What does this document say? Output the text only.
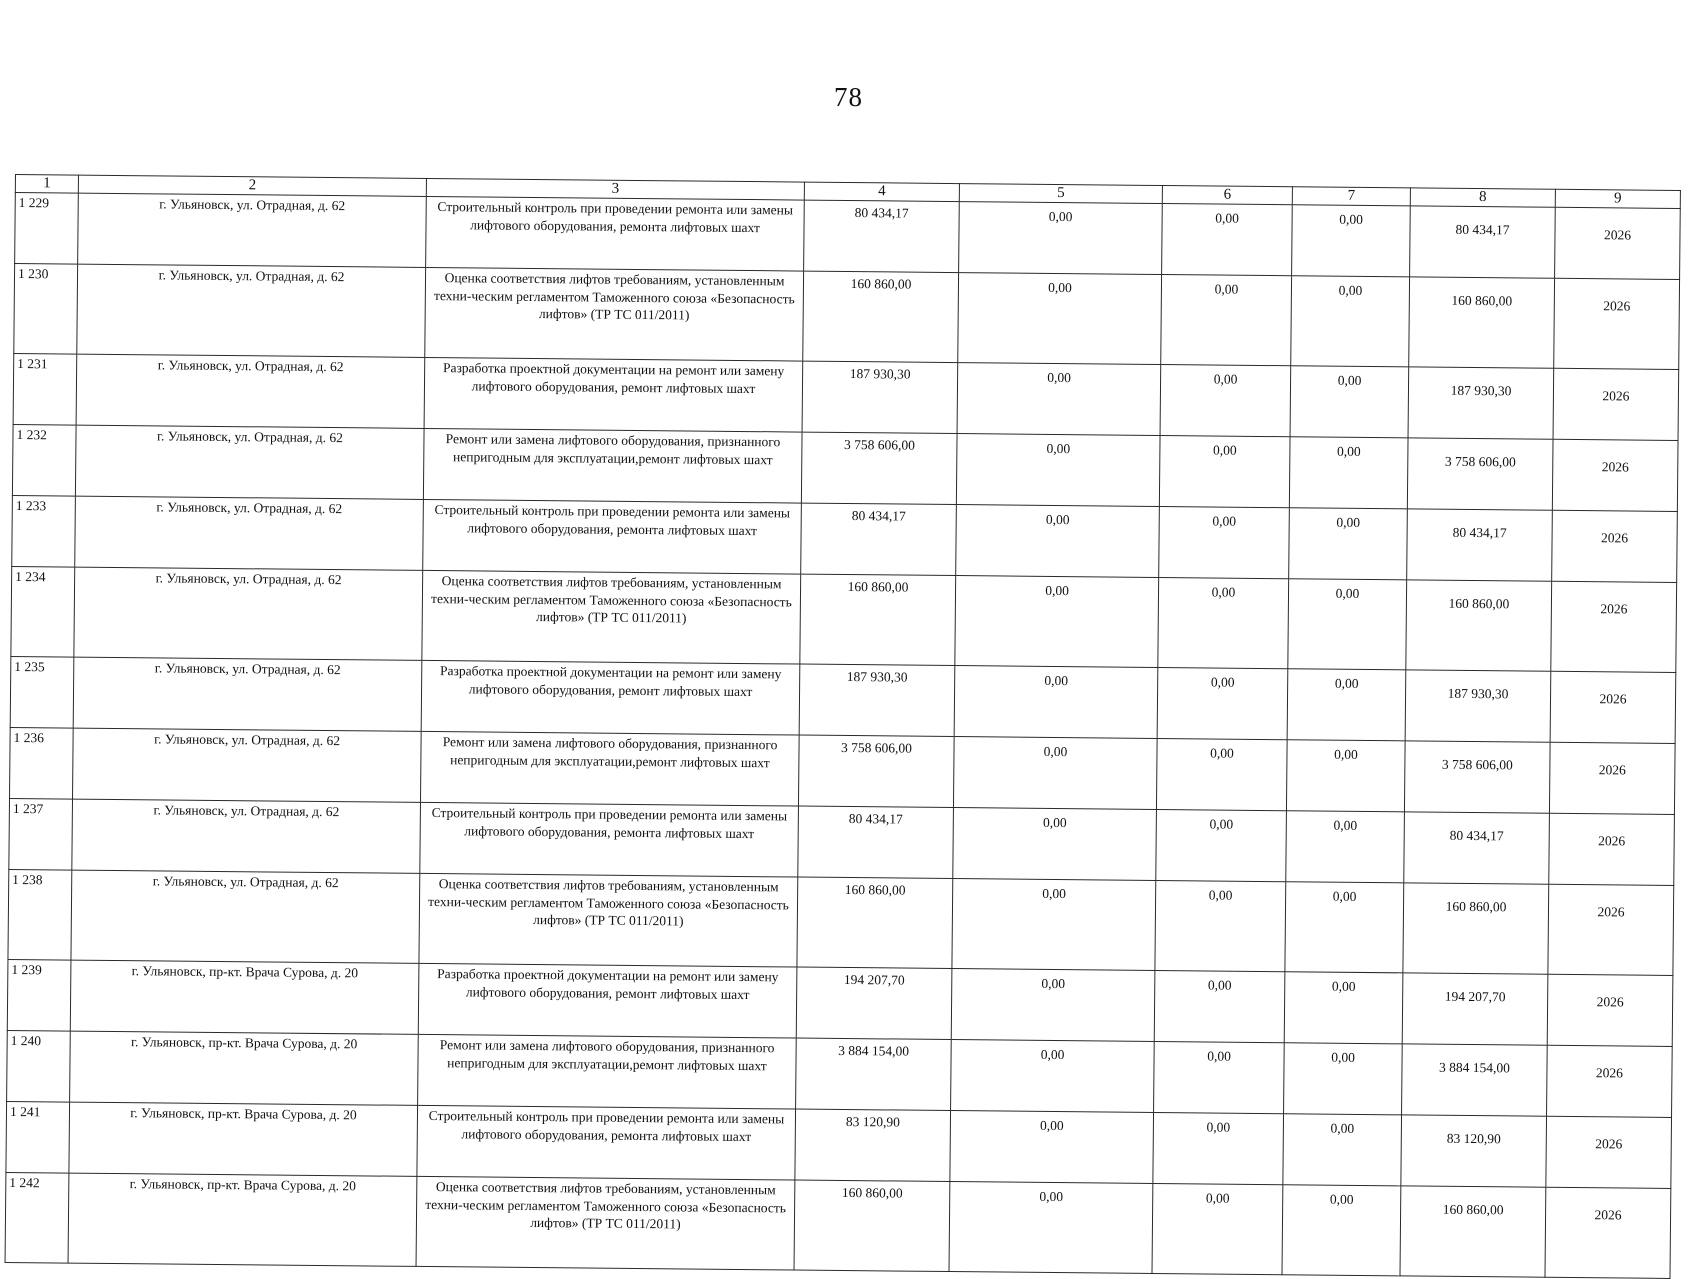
78
1	2	3	4	5	6	7	8	9
1 229	г. Ульяновск, ул. Отрадная, д. 62	Строительный контроль при проведении ремонта или замены лифтового оборудования, ремонта лифтовых шахт	80 434,17	0,00	0,00	0,00	80 434,17	2026
1 230	г. Ульяновск, ул. Отрадная, д. 62	Оценка соответствия лифтов требованиям, установленным техни-ческим регламентом Таможенного союза «Безопасность лифтов» (ТР ТС 011/2011)	160 860,00	0,00	0,00	0,00	160 860,00	2026
1 231	г. Ульяновск, ул. Отрадная, д. 62	Разработка проектной документации на ремонт или замену лифтового оборудования, ремонт лифтовых шахт	187 930,30	0,00	0,00	0,00	187 930,30	2026
1 232	г. Ульяновск, ул. Отрадная, д. 62	Ремонт или замена лифтового оборудования, признанного непригодным для эксплуатации,ремонт лифтовых шахт	3 758 606,00	0,00	0,00	0,00	3 758 606,00	2026
1 233	г. Ульяновск, ул. Отрадная, д. 62	Строительный контроль при проведении ремонта или замены лифтового оборудования, ремонта лифтовых шахт	80 434,17	0,00	0,00	0,00	80 434,17	2026
1 234	г. Ульяновск, ул. Отрадная, д. 62	Оценка соответствия лифтов требованиям, установленным техни-ческим регламентом Таможенного союза «Безопасность лифтов» (ТР ТС 011/2011)	160 860,00	0,00	0,00	0,00	160 860,00	2026
1 235	г. Ульяновск, ул. Отрадная, д. 62	Разработка проектной документации на ремонт или замену лифтового оборудования, ремонт лифтовых шахт	187 930,30	0,00	0,00	0,00	187 930,30	2026
1 236	г. Ульяновск, ул. Отрадная, д. 62	Ремонт или замена лифтового оборудования, признанного непригодным для эксплуатации,ремонт лифтовых шахт	3 758 606,00	0,00	0,00	0,00	3 758 606,00	2026
1 237	г. Ульяновск, ул. Отрадная, д. 62	Строительный контроль при проведении ремонта или замены лифтового оборудования, ремонта лифтовых шахт	80 434,17	0,00	0,00	0,00	80 434,17	2026
1 238	г. Ульяновск, ул. Отрадная, д. 62	Оценка соответствия лифтов требованиям, установленным техни-ческим регламентом Таможенного союза «Безопасность лифтов» (ТР ТС 011/2011)	160 860,00	0,00	0,00	0,00	160 860,00	2026
1 239	г. Ульяновск, пр-кт. Врача Сурова, д. 20	Разработка проектной документации на ремонт или замену лифтового оборудования, ремонт лифтовых шахт	194 207,70	0,00	0,00	0,00	194 207,70	2026
1 240	г. Ульяновск, пр-кт. Врача Сурова, д. 20	Ремонт или замена лифтового оборудования, признанного непригодным для эксплуатации,ремонт лифтовых шахт	3 884 154,00	0,00	0,00	0,00	3 884 154,00	2026
1 241	г. Ульяновск, пр-кт. Врача Сурова, д. 20	Строительный контроль при проведении ремонта или замены лифтового оборудования, ремонта лифтовых шахт	83 120,90	0,00	0,00	0,00	83 120,90	2026
1 242	г. Ульяновск, пр-кт. Врача Сурова, д. 20	Оценка соответствия лифтов требованиям, установленным техни-ческим регламентом Таможенного союза «Безопасность лифтов» (ТР ТС 011/2011)	160 860,00	0,00	0,00	0,00	160 860,00	2026
